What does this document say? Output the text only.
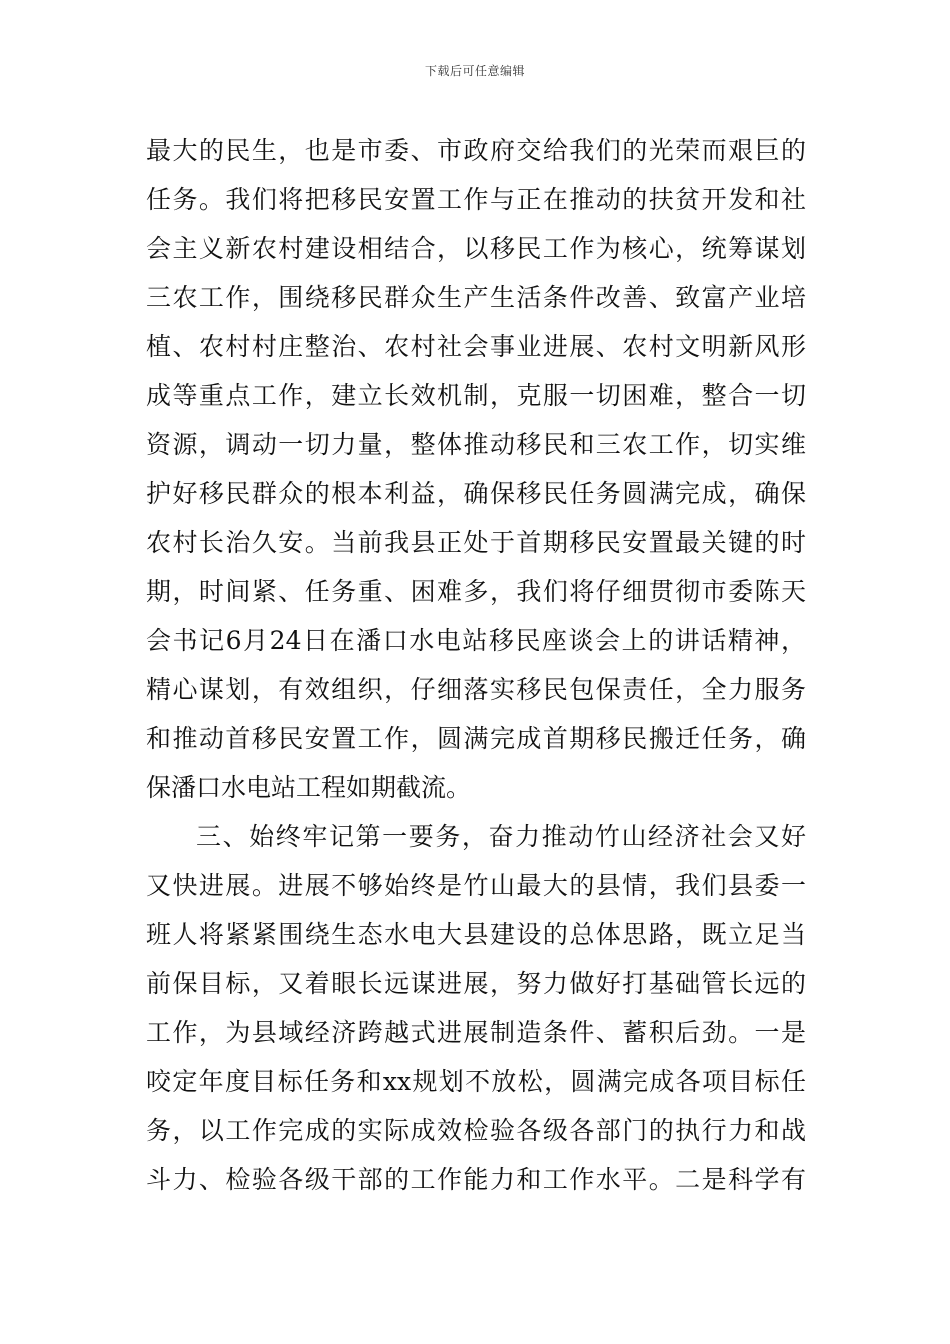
下载后可任意编辑
最大的民生，也是市委、市政府交给我们的光荣而艰巨的
任务。我们将把移民安置工作与正在推动的扶贫开发和社
会主义新农村建设相结合，以移民工作为核心，统筹谋划
三农工作，围绕移民群众生产生活条件改善、致富产业培
植、农村村庄整治、农村社会事业进展、农村文明新风形
成等重点工作，建立长效机制，克服一切困难，整合一切
资源，调动一切力量，整体推动移民和三农工作，切实维
护好移民群众的根本利益，确保移民任务圆满完成，确保
农村长治久安。当前我县正处于首期移民安置最关键的时
期，时间紧、任务重、困难多，我们将仔细贯彻市委陈天
会书记6月24日在潘口水电站移民座谈会上的讲话精神，
精心谋划，有效组织，仔细落实移民包保责任，全力服务
和推动首移民安置工作，圆满完成首期移民搬迁任务，确
保潘口水电站工程如期截流。
三、始终牢记第一要务，奋力推动竹山经济社会又好
又快进展。进展不够始终是竹山最大的县情，我们县委一
班人将紧紧围绕生态水电大县建设的总体思路，既立足当
前保目标，又着眼长远谋进展，努力做好打基础管长远的
工作，为县域经济跨越式进展制造条件、蓄积后劲。一是
咬定年度目标任务和xx规划不放松，圆满完成各项目标任
务，以工作完成的实际成效检验各级各部门的执行力和战
斗力、检验各级干部的工作能力和工作水平。二是科学有
